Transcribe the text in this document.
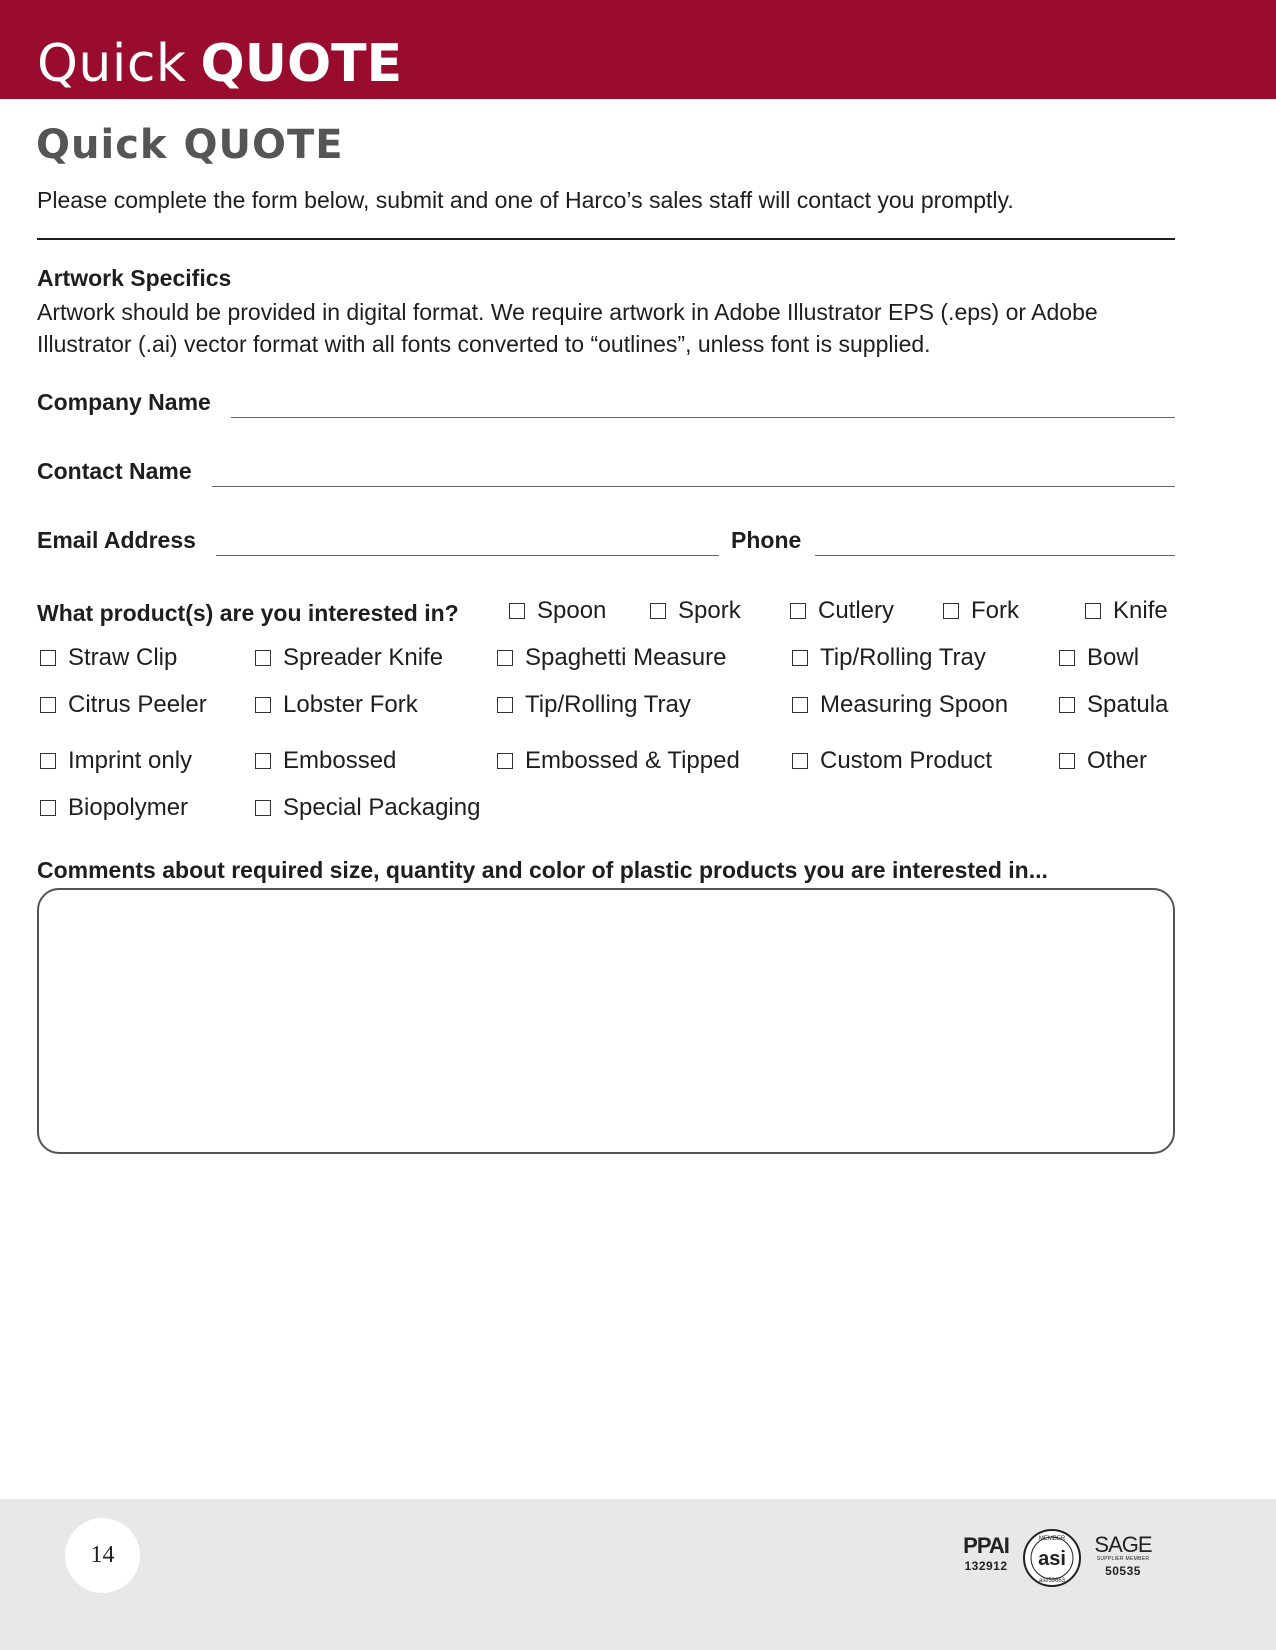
Quick QUOTE
Quick QUOTE
Please complete the form below, submit and one of Harco’s sales staff will contact you promptly.
Artwork Specifics
Artwork should be provided in digital format. We require artwork in Adobe Illustrator EPS (.eps) or Adobe Illustrator (.ai) vector format with all fonts converted to “outlines”, unless font is supplied.
Company Name
Contact Name
Email Address	Phone
What product(s) are you interested in?	Spoon	Spork	Cutlery	Fork	Knife
Straw Clip	Spreader Knife	Spaghetti Measure	Tip/Rolling Tray	Bowl
Citrus Peeler	Lobster Fork	Tip/Rolling Tray	Measuring Spoon	Spatula
Imprint only	Embossed	Embossed & Tipped	Custom Product	Other
Biopolymer	Special Packaging
Comments about required size, quantity and color of plastic products you are interested in...
14	PPAI
132912	asi
MEMBER
asi/59663
SAGE
SUPPLIER MEMBER
50535
